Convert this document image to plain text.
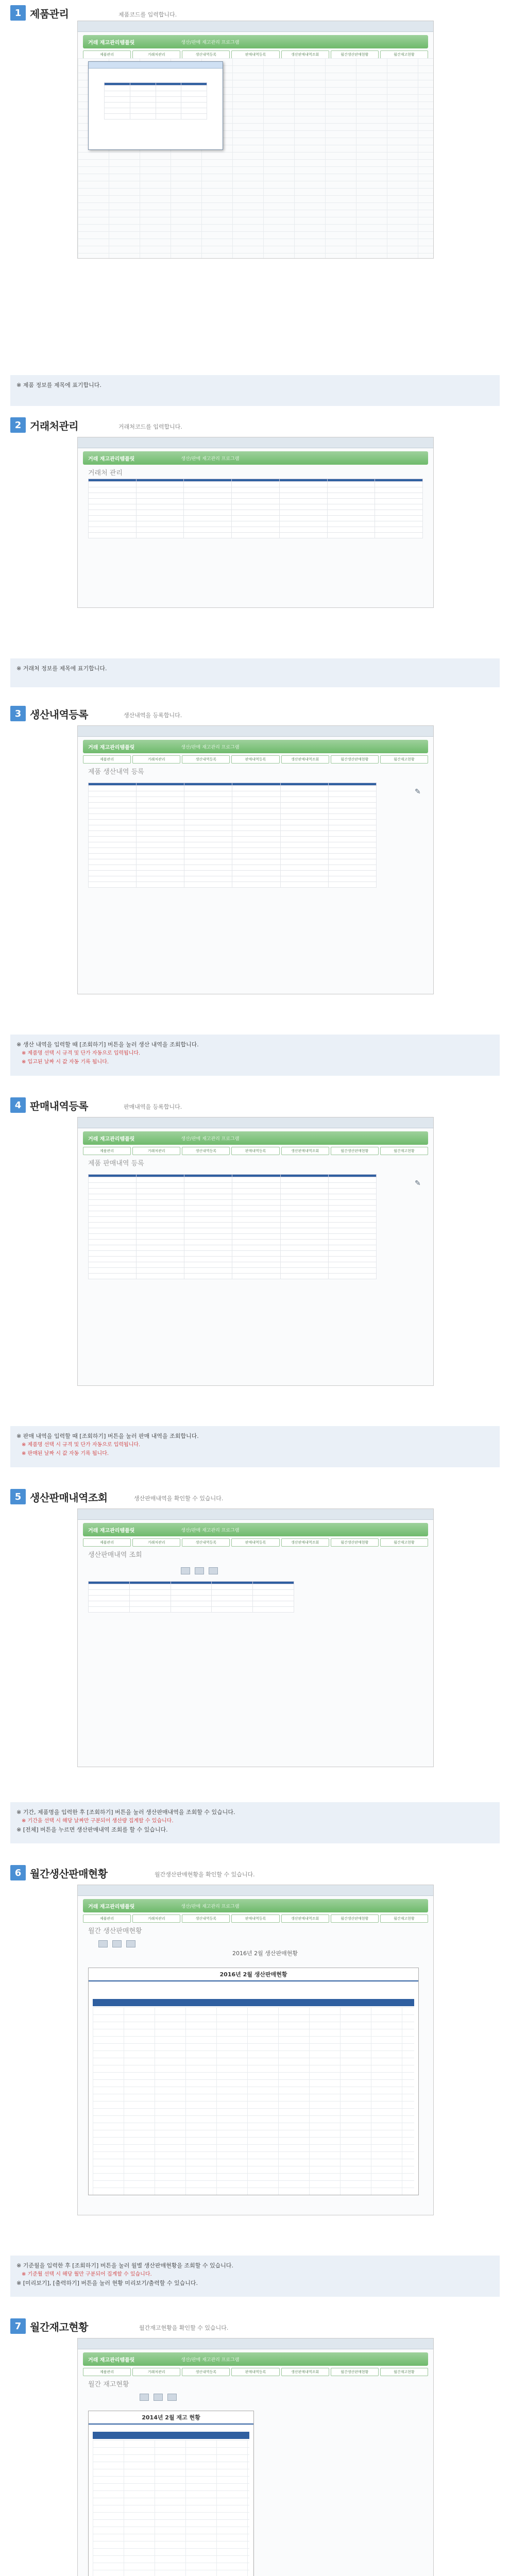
1 제품관리	제품코드를 입력합니다.
거래 재고관리템플릿	생산/판매 재고관리 프로그램
제품관리	거래처관리	생산내역등록	판매내역등록	생산판매내역조회	월간생산판매현황	월간재고현황

※ 제품 정보를 제목에 표기합니다.
2 거래처관리	거래처코드를 입력합니다.
거래 재고관리템플릿	생산/판매 재고관리 프로그램
거래처 관리

※ 거래처 정보를 제목에 표기합니다.
3 생산내역등록	생산내역을 등록합니다.
거래 재고관리템플릿	생산/판매 재고관리 프로그램
제품관리	거래처관리	생산내역등록	판매내역등록	생산판매내역조회	월간생산판매현황	월간재고현황
제품 생산내역 등록
✎

※ 생산 내역을 입력할 때 [조회하기] 버튼을 눌러 생산 내역을 조회합니다.
※ 제품명 선택 시 규격 및 단가 자동으로 입력됩니다.
※ 입고된 날짜 시 값 자동 기록 됩니다.
4 판매내역등록	판매내역을 등록합니다.
거래 재고관리템플릿	생산/판매 재고관리 프로그램
제품관리	거래처관리	생산내역등록	판매내역등록	생산판매내역조회	월간생산판매현황	월간재고현황
제품 판매내역 등록
✎

※ 판매 내역을 입력할 때 [조회하기] 버튼을 눌러 판매 내역을 조회합니다.
※ 제품명 선택 시 규격 및 단가 자동으로 입력됩니다.
※ 판매된 날짜 시 값 자동 기록 됩니다.
5 생산판매내역조회	생산판매내역을 확인할 수 있습니다.
거래 재고관리템플릿	생산/판매 재고관리 프로그램
제품관리	거래처관리	생산내역등록	판매내역등록	생산판매내역조회	월간생산판매현황	월간재고현황
생산판매내역 조회

※ 기간, 제품명을 입력한 후 [조회하기] 버튼을 눌러 생산판매내역을 조회할 수 있습니다.
※ 기간을 선택 시 해당 날짜만 구분되어 생산량 집계할 수 있습니다.
※ [전체] 버튼을 누르면 생산판매내역 조회를 할 수 있습니다.
6 월간생산판매현황	월간생산판매현황을 확인할 수 있습니다.
거래 재고관리템플릿	생산/판매 재고관리 프로그램
제품관리	거래처관리	생산내역등록	판매내역등록	생산판매내역조회	월간생산판매현황	월간재고현황
월간 생산판매현황

2016년 2월 생산판매현황
2016년 2월 생산판매현황
※ 기준월을 입력한 후 [조회하기] 버튼을 눌러 월별 생산판매현황을 조회할 수 있습니다.
※ 기준월 선택 시 해당 월만 구분되어 집계할 수 있습니다.
※ [미리보기], [출력하기] 버튼을 눌러 현황 미리보기/출력할 수 있습니다.
7 월간재고현황	월간재고현황을 확인할 수 있습니다.
거래 재고관리템플릿	생산/판매 재고관리 프로그램
제품관리	거래처관리	생산내역등록	판매내역등록	생산판매내역조회	월간생산판매현황	월간재고현황
월간 재고현황

2014년 2월 재고 현황
